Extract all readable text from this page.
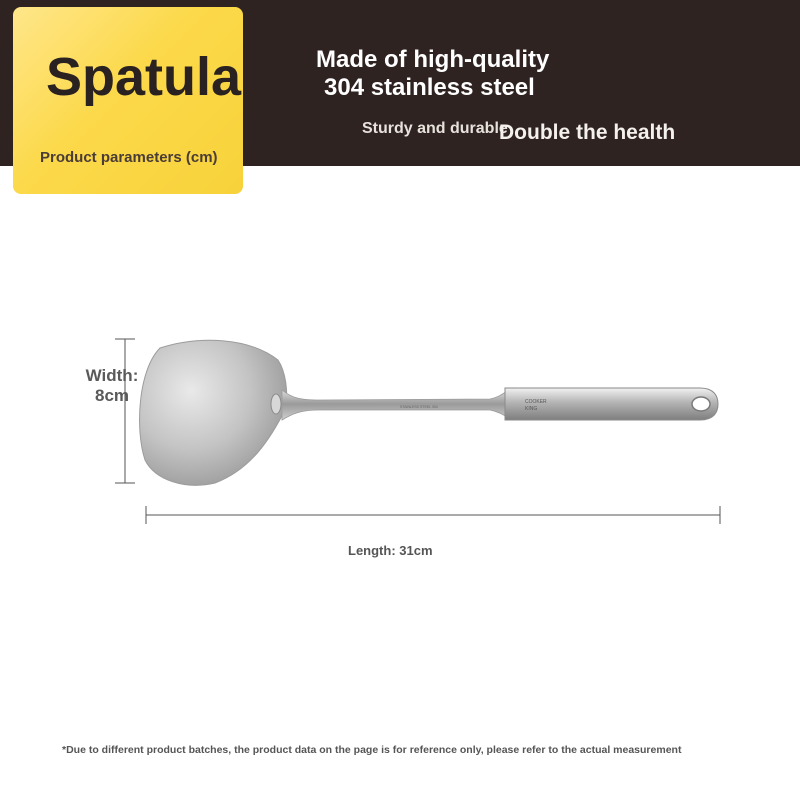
Spatula
Product parameters (cm)
Made of high-quality
304 stainless steel
Sturdy and durable
Double the health
STAINLESS STEEL 304
COOKER
KING
Width:
8cm
Length: 31cm
*Due to different product batches, the product data on the page is for reference only, please refer to the actual measurement
